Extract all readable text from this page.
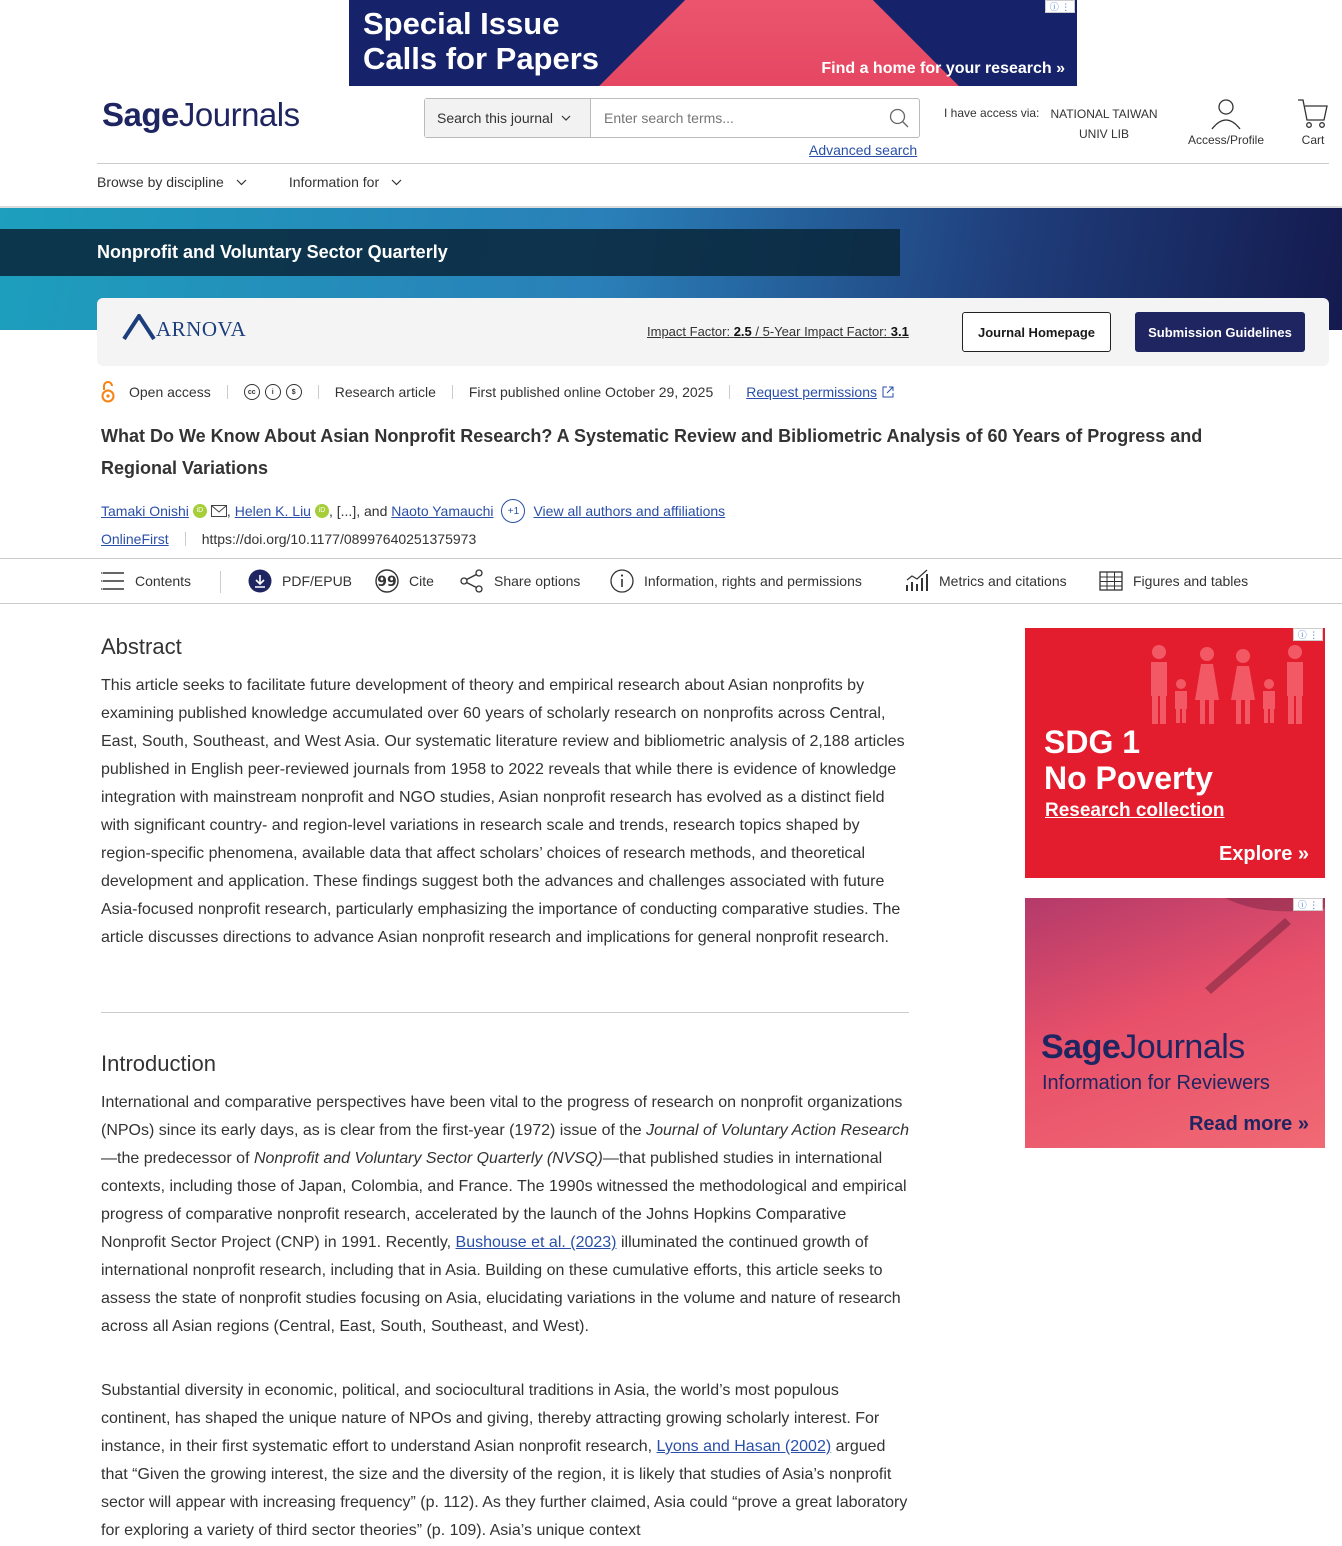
Special Issue
Calls for Papers	Find a home for your research »
ⓘ ⋮
SageJournals	Search this journal
Enter search terms...
Advanced search
I have access via: NATIONAL TAIWAN UNIV LIB	Access/Profile	Cart
Browse by discipline	Information for
Nonprofit and Voluntary Sector Quarterly
ARNOVA	Impact Factor: 2.5 / 5-Year Impact Factor: 3.1	Journal Homepage	Submission Guidelines
Open access	cc	i	$	Research article First published online October 29, 2025 Request permissions
What Do We Know About Asian Nonprofit Research? A Systematic Review and Bibliometric Analysis of 60 Years of Progress and Regional Variations
Tamaki Onishi	iD , Helen K. Liu	iD , [...], and Naoto Yamauchi	+1	View all authors and affiliations
OnlineFirst https://doi.org/10.1177/08997640251375973
Contents	PDF/EPUB 99 Cite	Share options	Information, rights and permissions	Metrics and citations	Figures and tables
Abstract
This article seeks to facilitate future development of theory and empirical research about Asian nonprofits by examining published knowledge accumulated over 60 years of scholarly research on nonprofits across Central, East, South, Southeast, and West Asia. Our systematic literature review and bibliometric analysis of 2,188 articles published in English peer-reviewed journals from 1958 to 2022 reveals that while there is evidence of knowledge integration with mainstream nonprofit and NGO studies, Asian nonprofit research has evolved as a distinct field with significant country- and region-level variations in research scale and trends, research topics shaped by region-specific phenomena, available data that affect scholars’ choices of research methods, and theoretical development and application. These findings suggest both the advances and challenges associated with future Asia-focused nonprofit research, particularly emphasizing the importance of conducting comparative studies. The article discusses directions to advance Asian nonprofit research and implications for general nonprofit research.
Introduction
International and comparative perspectives have been vital to the progress of research on nonprofit organizations (NPOs) since its early days, as is clear from the first-year (1972) issue of the Journal of Voluntary Action Research—the predecessor of Nonprofit and Voluntary Sector Quarterly (NVSQ)—that published studies in international contexts, including those of Japan, Colombia, and France. The 1990s witnessed the methodological and empirical progress of comparative nonprofit research, accelerated by the launch of the Johns Hopkins Comparative Nonprofit Sector Project (CNP) in 1991. Recently, Bushouse et al. (2023) illuminated the continued growth of international nonprofit research, including that in Asia. Building on these cumulative efforts, this article seeks to assess the state of nonprofit studies focusing on Asia, elucidating variations in the volume and nature of research across all Asian regions (Central, East, South, Southeast, and West).
Substantial diversity in economic, political, and sociocultural traditions in Asia, the world’s most populous continent, has shaped the unique nature of NPOs and giving, thereby attracting growing scholarly interest. For instance, in their first systematic effort to understand Asian nonprofit research, Lyons and Hasan (2002) argued that “Given the growing interest, the size and the diversity of the region, it is likely that studies of Asia’s nonprofit sector will appear with increasing frequency” (p. 112). As they further claimed, Asia could “prove a great laboratory for exploring a variety of third sector theories” (p. 109). Asia’s unique context
SDG 1
No Poverty
Research collection
Explore »
ⓘ ⋮
SageJournals
Information for Reviewers
Read more »
ⓘ ⋮
